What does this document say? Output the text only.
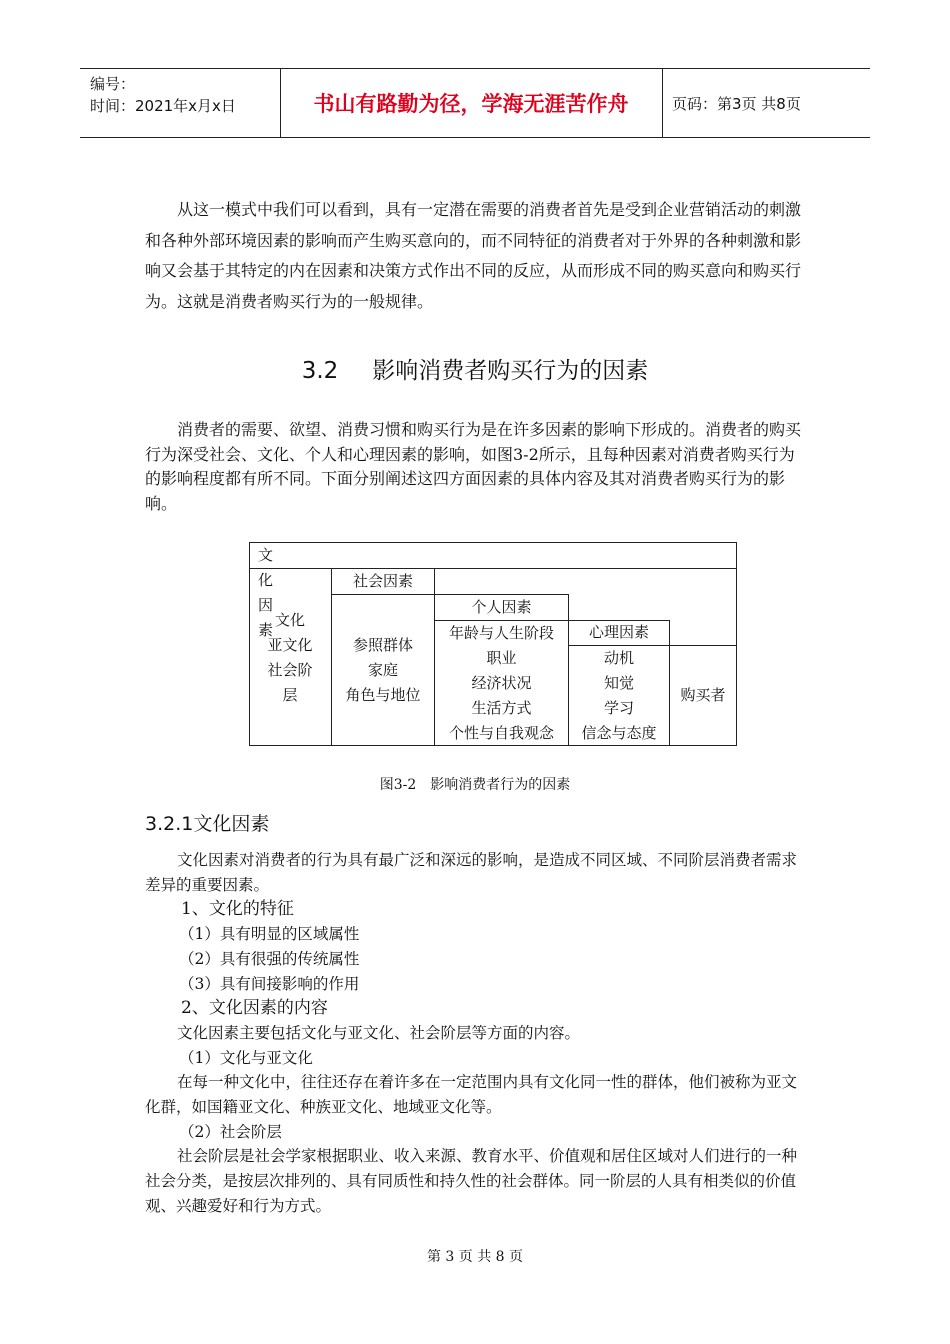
编号：
时间：2021年x月x日	书山有路勤为径，学海无涯苦作舟	页码：第3页 共8页
从这一模式中我们可以看到，具有一定潜在需要的消费者首先是受到企业营销活动的刺激和各种外部环境因素的影响而产生购买意向的，而不同特征的消费者对于外界的各种刺激和影响又会基于其特定的内在因素和决策方式作出不同的反应，从而形成不同的购买意向和购买行为。这就是消费者购买行为的一般规律。
3.2 影响消费者购买行为的因素
消费者的需要、欲望、消费习惯和购买行为是在许多因素的影响下形成的。消费者的购买行为深受社会、文化、个人和心理因素的影响，如图3-2所示，且每种因素对消费者购买行为的影响程度都有所不同。下面分别阐述这四方面因素的具体内容及其对消费者购买行为的影响。
文化因素
文化
亚文化
社会阶
层
社会因素
参照群体
家庭
角色与地位
个人因素
年龄与人生阶段
职业
经济状况
生活方式
个性与自我观念
心理因素
动机
知觉
学习
信念与态度
购买者
图3-2　影响消费者行为的因素
3.2.1文化因素
文化因素对消费者的行为具有最广泛和深远的影响，是造成不同区域、不同阶层消费者需求差异的重要因素。
1、文化的特征
（1）具有明显的区域属性
（2）具有很强的传统属性
（3）具有间接影响的作用
2、文化因素的内容
文化因素主要包括文化与亚文化、社会阶层等方面的内容。
（1）文化与亚文化
在每一种文化中，往往还存在着许多在一定范围内具有文化同一性的群体，他们被称为亚文化群，如国籍亚文化、种族亚文化、地域亚文化等。
（2）社会阶层
社会阶层是社会学家根据职业、收入来源、教育水平、价值观和居住区域对人们进行的一种社会分类，是按层次排列的、具有同质性和持久性的社会群体。同一阶层的人具有相类似的价值观、兴趣爱好和行为方式。
第 3 页 共 8 页
